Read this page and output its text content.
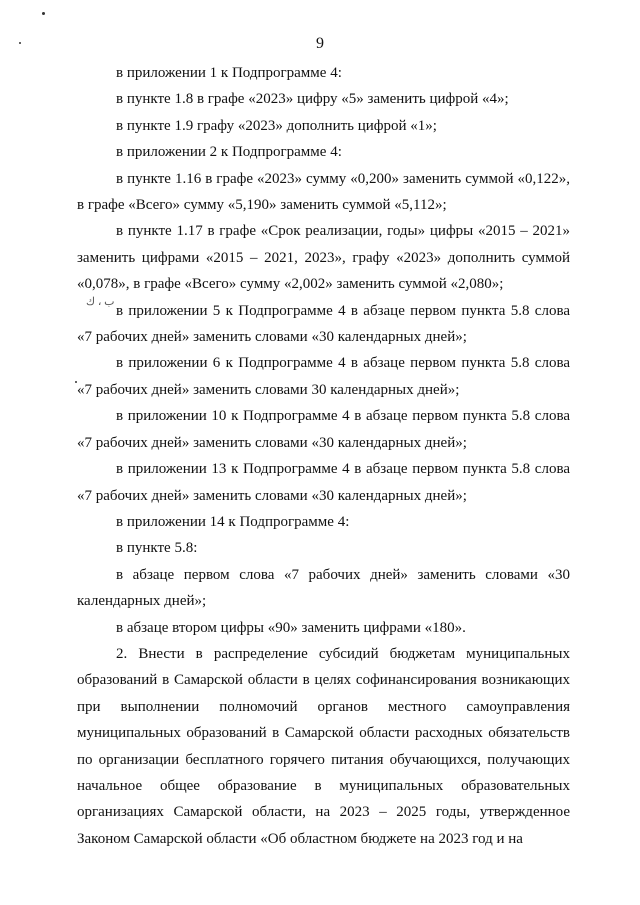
ب ، ﻙ
9

в приложении 1 к Подпрограмме 4:

в пункте 1.8 в графе «2023» цифру «5» заменить цифрой «4»;

в пункте 1.9 графу «2023» дополнить цифрой «1»;

в приложении 2 к Подпрограмме 4:

в пункте 1.16 в графе «2023» сумму «0,200» заменить суммой «0,122», в графе «Всего» сумму «5,190» заменить суммой «5,112»;

в пункте 1.17 в графе «Срок реализации, годы» цифры «2015 – 2021» заменить цифрами «2015 – 2021, 2023», графу «2023» дополнить суммой «0,078», в графе «Всего» сумму «2,002» заменить суммой «2,080»;

в приложении 5 к Подпрограмме 4 в абзаце первом пункта 5.8 слова «7 рабочих дней» заменить словами «30 календарных дней»;

в приложении 6 к Подпрограмме 4 в абзаце первом пункта 5.8 слова «7 рабочих дней» заменить словами 30 календарных дней»;

в приложении 10 к Подпрограмме 4 в абзаце первом пункта 5.8 слова «7 рабочих дней» заменить словами «30 календарных дней»;

в приложении 13 к Подпрограмме 4 в абзаце первом пункта 5.8 слова «7 рабочих дней» заменить словами «30 календарных дней»;

в приложении 14 к Подпрограмме 4:

в пункте 5.8:

в абзаце первом слова «7 рабочих дней» заменить словами «30 календарных дней»;

в абзаце втором цифры «90» заменить цифрами «180».

2. Внести в распределение субсидий бюджетам муниципальных образований в Самарской области в целях софинансирования возникающих при выполнении полномочий органов местного самоуправления муниципальных образований в Самарской области расходных обязательств по организации бесплатного горячего питания обучающихся, получающих начальное общее образование в муниципальных образовательных организациях Самарской области, на 2023 – 2025 годы, утвержденное Законом Самарской области «Об областном бюджете на 2023 год и на
